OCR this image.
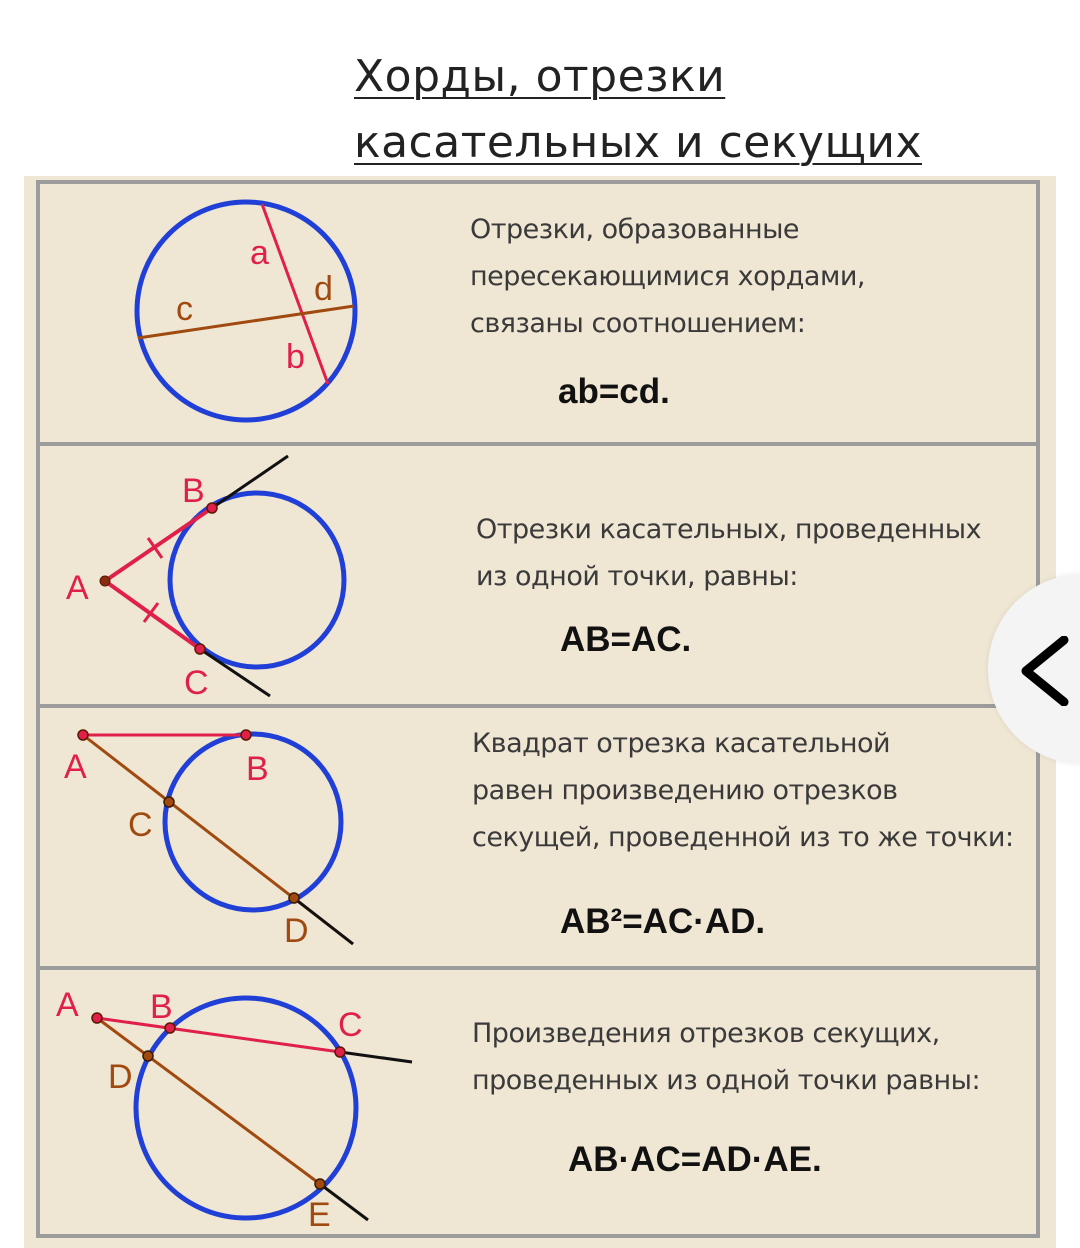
Хорды, отрезки
касательных и секущих
a
b
c
d
Отрезки, образованные
пересекающимися хордами,
связаны соотношением:
ab=cd.
A
B
C
Отрезки касательных, проведенных
из одной точки, равны:
AB=AC.
A	B
C
D
Квадрат отрезка касательной
равен произведению отрезков
секущей, проведенной из то же точки:
AB²=AC·AD.
A B	C
D
E
Произведения отрезков секущих,
проведенных из одной точки равны:
AB·AC=AD·AE.
